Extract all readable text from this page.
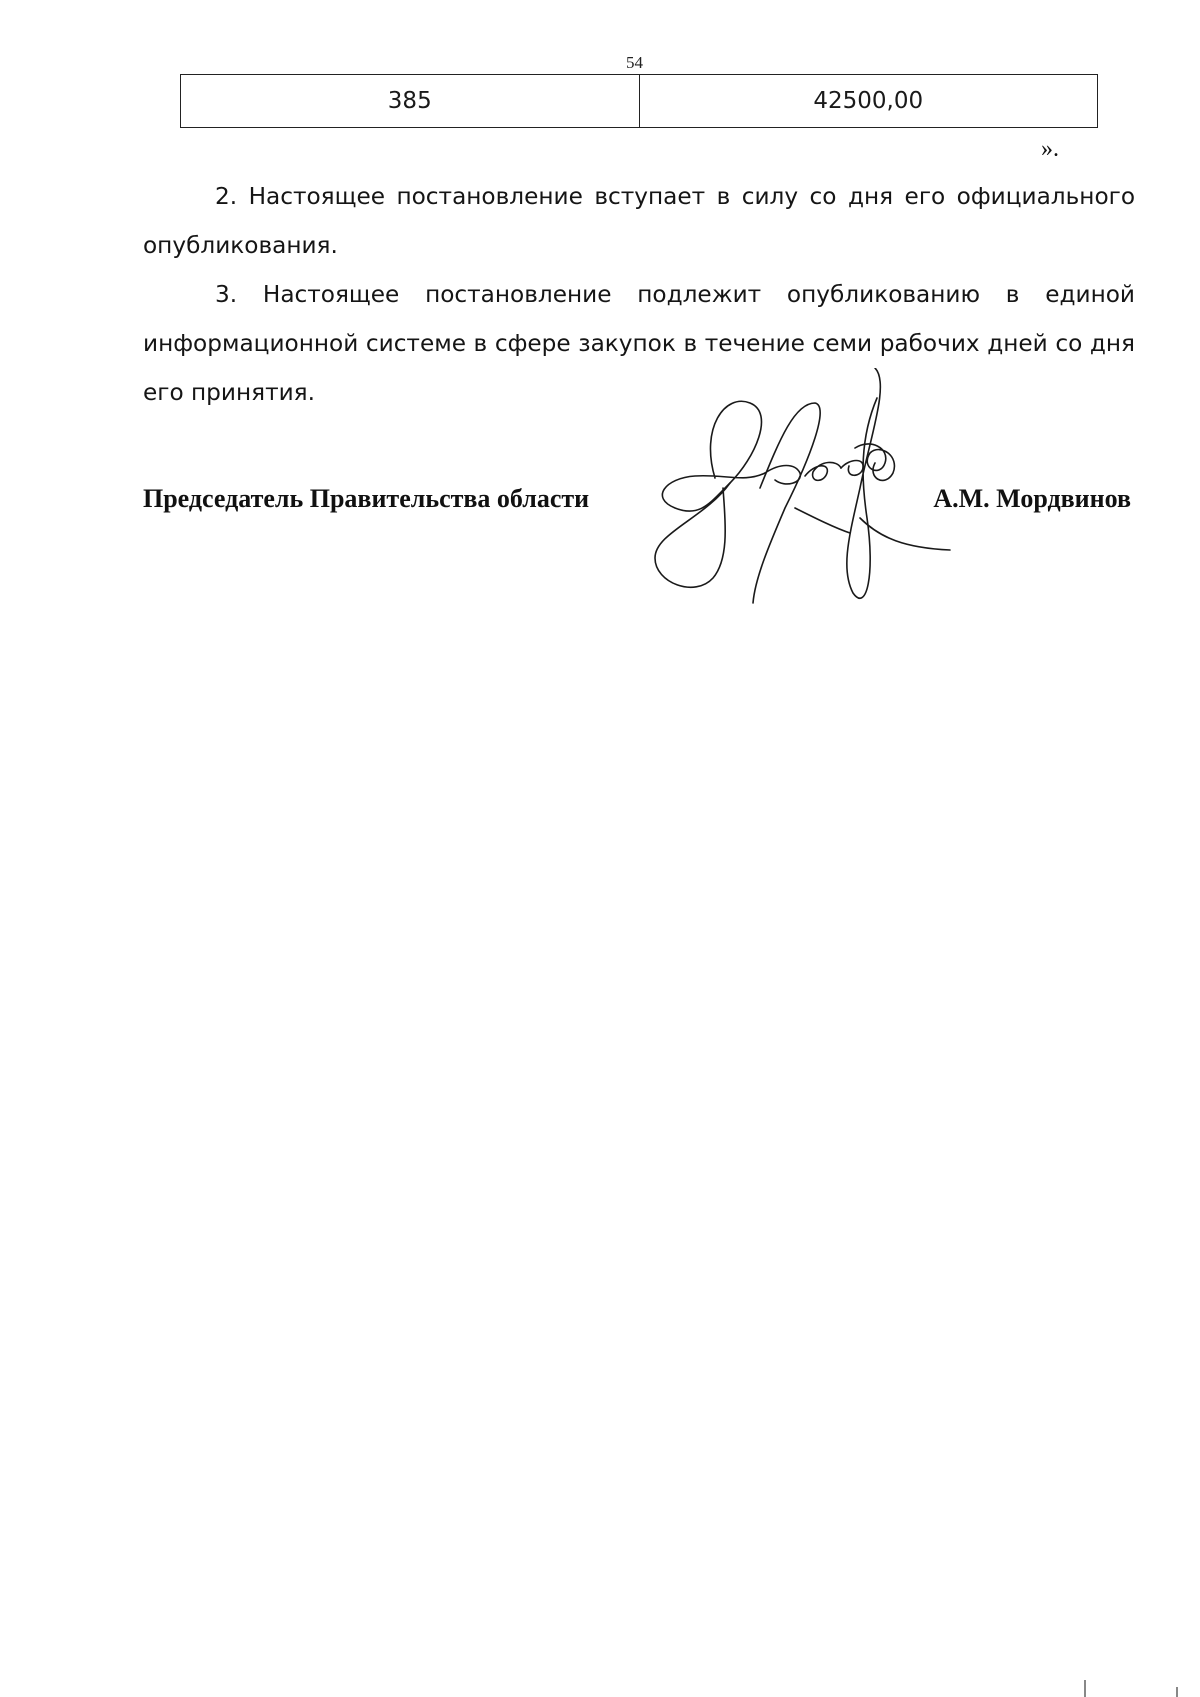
54
385	42500,00
».

2. Настоящее постановление вступает в силу со дня его официального опубликования.

3. Настоящее постановление подлежит опубликованию в единой информационной системе в сфере закупок в течение семи рабочих дней со дня его принятия.

Председатель Правительства области	А.М. Мордвинов
